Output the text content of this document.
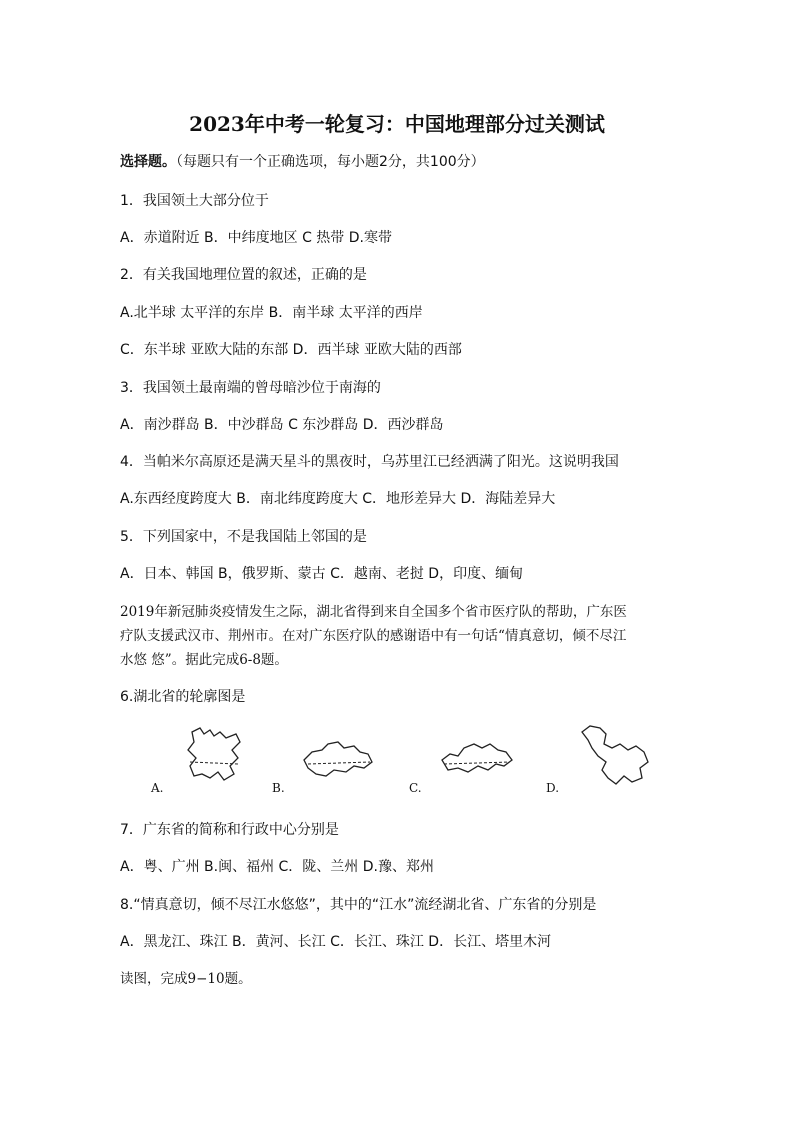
2023年中考一轮复习：中国地理部分过关测试
选择题。（每题只有一个正确选项，每小题2分，共100分）
1．我国领土大部分位于
A．赤道附近 B．中纬度地区 C 热带 D.寒带
2．有关我国地理位置的叙述，正确的是
A.北半球 太平洋的东岸 B．南半球 太平洋的西岸
C．东半球 亚欧大陆的东部 D．西半球 亚欧大陆的西部
3．我国领土最南端的曾母暗沙位于南海的
A．南沙群岛 B．中沙群岛 C 东沙群岛 D．西沙群岛
4．当帕米尔高原还是满天星斗的黑夜时，乌苏里江已经洒满了阳光。这说明我国
A.东西经度跨度大 B．南北纬度跨度大 C．地形差异大 D．海陆差异大
5．下列国家中，不是我国陆上邻国的是
A．日本、韩国 B，俄罗斯、蒙古 C．越南、老挝 D，印度、缅甸
2019年新冠肺炎疫情发生之际，湖北省得到来自全国多个省市医疗队的帮助，广东医
疗队支援武汉市、荆州市。在对广东医疗队的感谢语中有一句话“情真意切，倾不尽江
水悠 悠”。据此完成6-8题。
6.湖北省的轮廓图是
A.	B.	C.	D.
7．广东省的简称和行政中心分别是
A．粤、广州 B.闽、福州 C．陇、兰州 D.豫、郑州
8.“情真意切，倾不尽江水悠悠”，其中的“江水”流经湖北省、广东省的分别是
A．黑龙江、珠江 B．黄河、长江 C．长江、珠江 D．长江、塔里木河
读图，完成9−10题。
